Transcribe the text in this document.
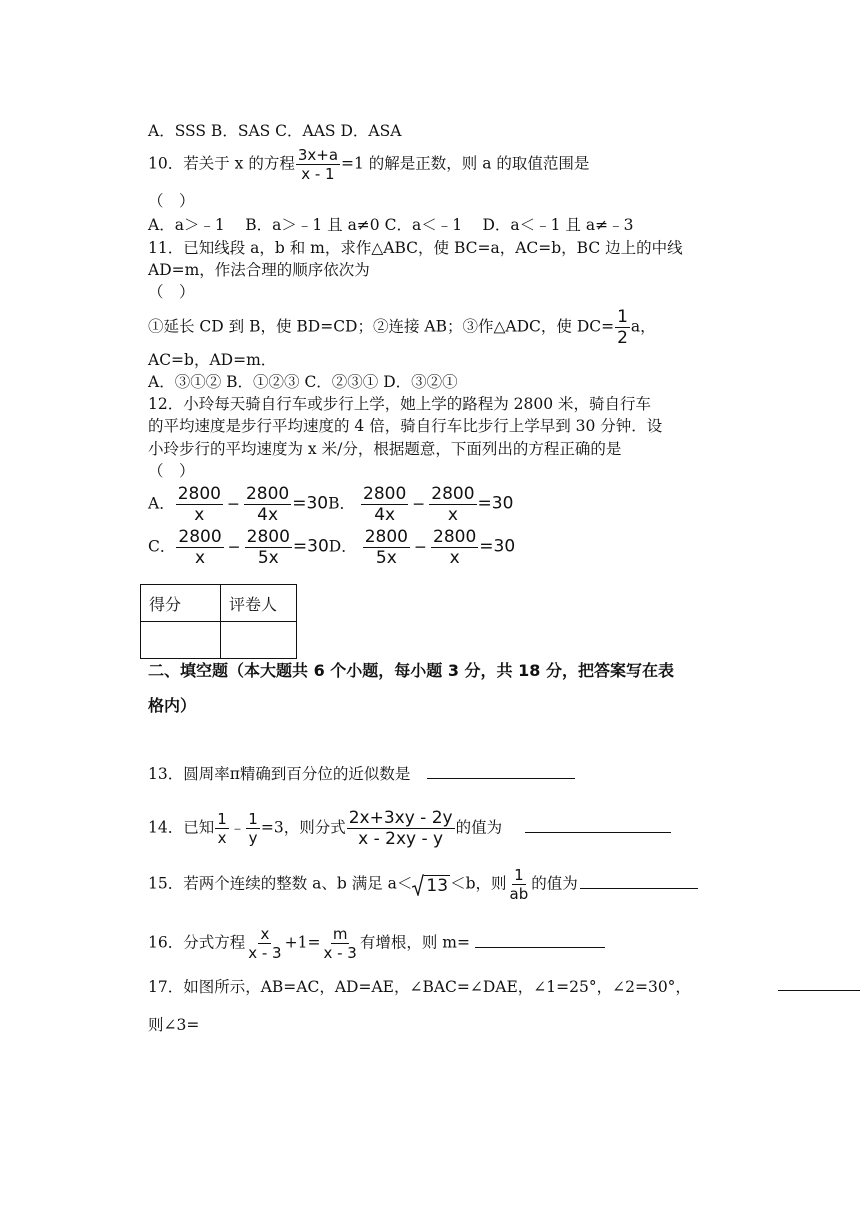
A．SSS B．SAS C．AAS D．ASA
10．若关于 x 的方程 $\frac{3x+a}{x - 1} =1$ 的解是正数，则 a 的取值范围是
（　）
A．a＞﹣1　 B．a＞﹣1 且 a≠0 C．a＜﹣1　 D．a＜﹣1 且 a≠﹣3
11．已知线段 a，b 和 m，求作△ABC，使 BC=a，AC=b，BC 边上的中线
AD=m，作法合理的顺序依次为
（　）
①延长 CD 到 B，使 BD=CD；②连接 AB；③作△ADC，使 $DC= \frac{1}{2}$ a，
AC=b，AD=m．
A．③①② B．①②③ C．②③① D．③②①
12．小玲每天骑自行车或步行上学，她上学的路程为 2800 米，骑自行车
的平均速度是步行平均速度的 4 倍，骑自行车比步行上学早到 30 分钟．设
小玲步行的平均速度为 x 米/分，根据题意，下面列出的方程正确的是
（　）
A． $\frac{2800}{x} - \frac{2800}{4x} =30B$． $\frac{2800}{4x} - \frac{2800}{x} =30$
C． $\frac{2800}{x} - \frac{2800}{5x} =30D$． $\frac{2800}{5x} - \frac{2800}{x} =30$
得分	评卷人

二、填空题（本大题共 6 个小题，每小题 3 分，共 18 分，把答案写在表
格内）
13．圆周率π精确到百分位的近似数是
14．已知 $\frac{1}{x}$ ﹣ $\frac{1}{y} =3$，则分式 $\frac{2x+3xy - 2y}{x - 2xy - y}$ 的值为
15．若两个连续的整数 a、b 满足 a＜ 13 ＜b，则 $\frac{1}{ab}$ 的值为
16．分式方程 $\frac{x}{x - 3} +1= \frac{m}{x - 3}$ 有增根，则 m=
17．如图所示，AB=AC，AD=AE，∠BAC=∠DAE，∠1=25°，∠2=30°，
则∠3=
